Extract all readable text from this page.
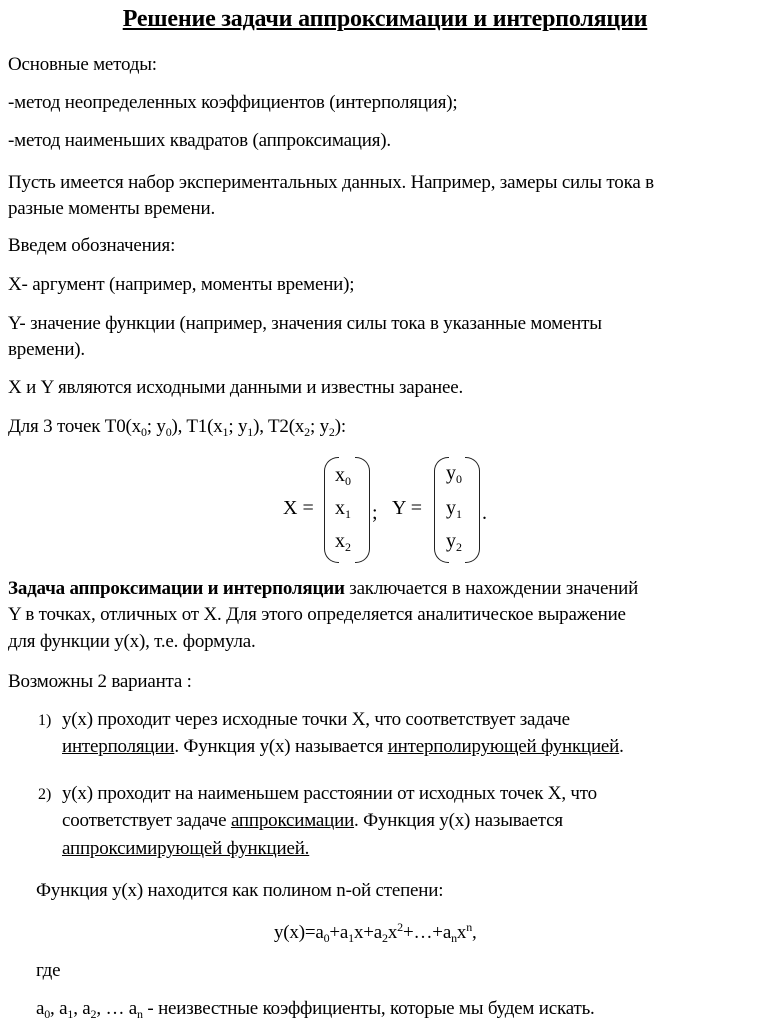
Решение задачи аппроксимации и интерполяции
Основные методы:
-метод неопределенных коэффициентов (интерполяция);
-метод наименьших квадратов (аппроксимация).
Пусть имеется набор экспериментальных данных. Например, замеры силы тока в
разные моменты времени.
Введем обозначения:
X- аргумент (например, моменты времени);
Y- значение функции (например, значения силы тока в указанные моменты
времени).
X и Y являются исходными данными и известны заранее.
Для 3 точек $T0(x_0$; $y_0$), $T1(x_1$; $y_1$), $T2(x_2$; $y_2$):
Задача аппроксимации и интерполяции заключается в нахождении значений
Y в точках, отличных от X. Для этого определяется аналитическое выражение
для функции y(x), т.е. формула.
Возможны 2 варианта :
y(x) проходит через исходные точки X, что соответствует задаче
интерполяции. Функция y(x) называется интерполирующей функцией.
y(x) проходит на наименьшем расстоянии от исходных точек X, что
соответствует задаче аппроксимации. Функция y(x) называется
аппроксимирующей функцией.
Функция y(x) находится как полином n-ой степени:
$y(x)=a_0+a_1x+a_2x^2+\dots+a_nx^n$,
где
$a_0$, $a_1$, $a_2$, … $a_n$ - неизвестные коэффициенты, которые мы будем искать.
1)
2)
X =
$x_0$
$x_1$
$x_2$
; Y =
$y_0$
$y_1$
$y_2$
.
